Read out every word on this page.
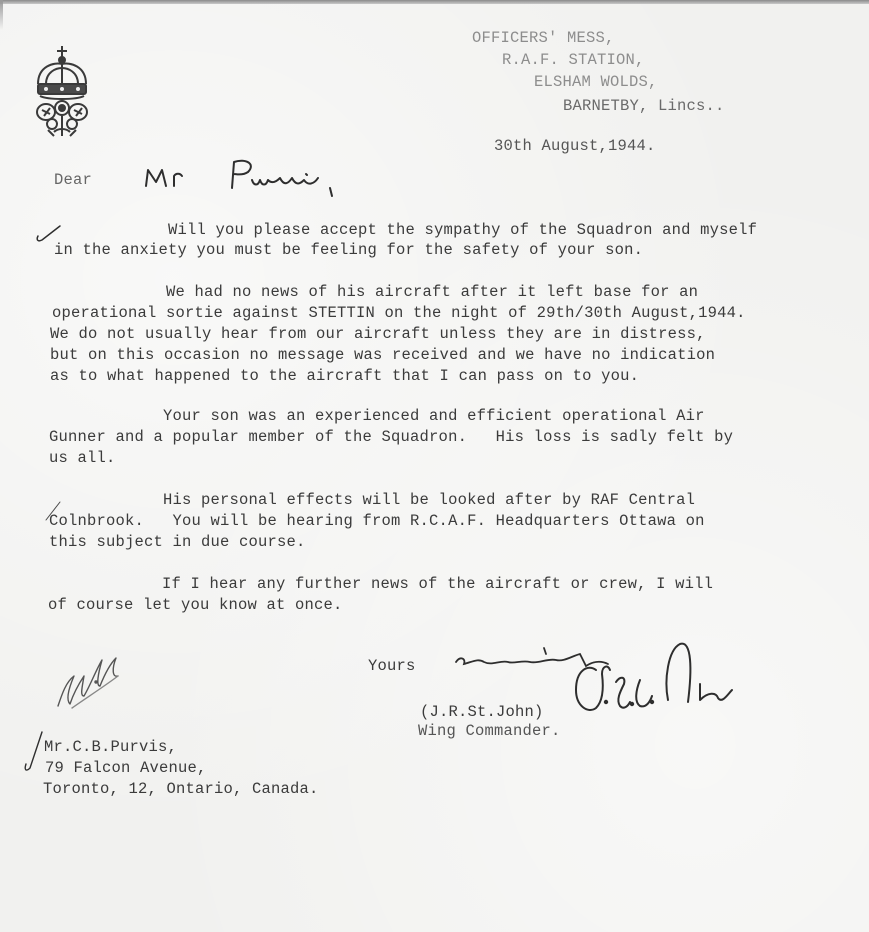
OFFICERS' MESS,
R.A.F. STATION,
ELSHAM WOLDS,
BARNETBY, Lincs..
30th August,1944.
Dear
Will you please accept the sympathy of the Squadron and myself
in the anxiety you must be feeling for the safety of your son.
We had no news of his aircraft after it left base for an
operational sortie against STETTIN on the night of 29th/30th August,1944.
We do not usually hear from our aircraft unless they are in distress,
but on this occasion no message was received and we have no indication
as to what happened to the aircraft that I can pass on to you.
Your son was an experienced and efficient operational Air
Gunner and a popular member of the Squadron.   His loss is sadly felt by
us all.
His personal effects will be looked after by RAF Central
Colnbrook.   You will be hearing from R.C.A.F. Headquarters Ottawa on
this subject in due course.
If I hear any further news of the aircraft or crew, I will
of course let you know at once.
Yours
(J.R.St.John)
Wing Commander.
Mr.C.B.Purvis,
79 Falcon Avenue,
Toronto, 12, Ontario, Canada.
